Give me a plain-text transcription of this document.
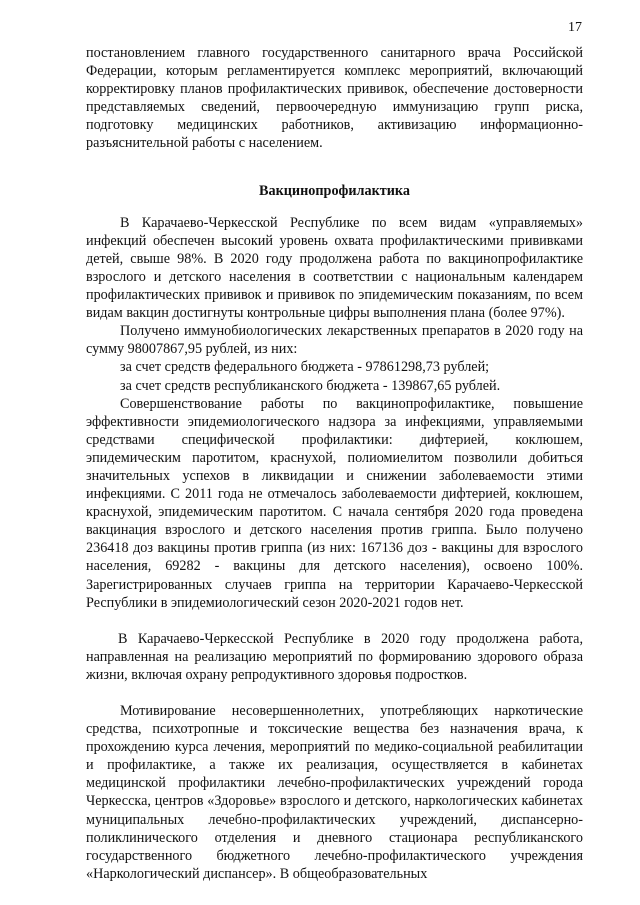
17

постановлением главного государственного санитарного врача Российской Федерации, которым регламентируется комплекс мероприятий, включающий корректировку планов профилактических прививок, обеспечение достоверности представляемых сведений, первоочередную иммунизацию групп риска, подготовку медицинских работников, активизацию информационно-разъяснительной работы с населением.

Вакцинопрофилактика

В Карачаево-Черкесской Республике по всем видам «управляемых» инфекций обеспечен высокий уровень охвата профилактическими прививками детей, свыше 98%. В 2020 году продолжена работа по вакцинопрофилактике взрослого и детского населения в соответствии с национальным календарем профилактических прививок и прививок по эпидемическим показаниям, по всем видам вакцин достигнуты контрольные цифры выполнения плана (более 97%).

Получено иммунобиологических лекарственных препаратов в 2020 году на сумму 98007867,95 рублей, из них:

за счет средств федерального бюджета - 97861298,73 рублей;

за счет средств республиканского бюджета - 139867,65 рублей.

Совершенствование работы по вакцинопрофилактике, повышение эффективности эпидемиологического надзора за инфекциями, управляемыми средствами специфической профилактики: дифтерией, коклюшем, эпидемическим паротитом, краснухой, полиомиелитом позволили добиться значительных успехов в ликвидации и снижении заболеваемости этими инфекциями. С 2011 года не отмечалось заболеваемости дифтерией, коклюшем, краснухой, эпидемическим паротитом. С начала сентября 2020 года проведена вакцинация взрослого и детского населения против гриппа. Было получено 236418 доз вакцины против гриппа (из них: 167136 доз - вакцины для взрослого населения, 69282 - вакцины для детского населения), освоено 100%. Зарегистрированных случаев гриппа на территории Карачаево-Черкесской Республики в эпидемиологический сезон 2020-2021 годов нет.

В Карачаево-Черкесской Республике в 2020 году продолжена работа, направленная на реализацию мероприятий по формированию здорового образа жизни, включая охрану репродуктивного здоровья подростков.

Мотивирование несовершеннолетних, употребляющих наркотические средства, психотропные и токсические вещества без назначения врача, к прохождению курса лечения, мероприятий по медико-социальной реабилитации и профилактике, а также их реализация, осуществляется в кабинетах медицинской профилактики лечебно-профилактических учреждений города Черкесска, центров «Здоровье» взрослого и детского, наркологических кабинетах муниципальных лечебно-профилактических учреждений, диспансерно-поликлинического отделения и дневного стационара республиканского государственного бюджетного лечебно-профилактического учреждения «Наркологический диспансер». В общеобразовательных
